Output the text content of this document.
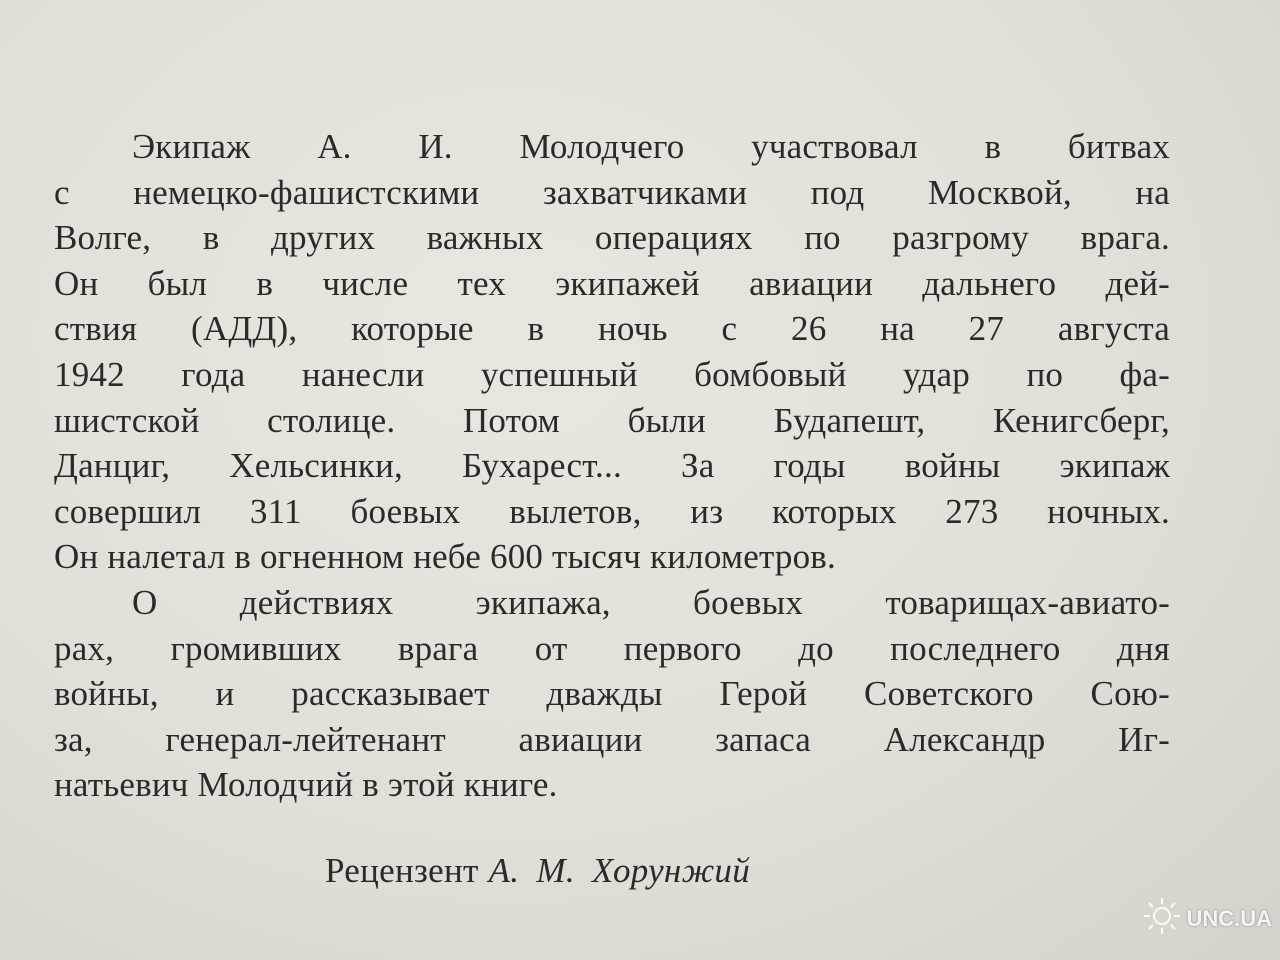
Экипаж А. И. Молодчего участвовал в битвах
с немецко-фашистскими захватчиками под Москвой, на
Волге, в других важных операциях по разгрому врага.
Он был в числе тех экипажей авиации дальнего дей-
ствия (АДД), которые в ночь с 26 на 27 августа
1942 года нанесли успешный бомбовый удар по фа-
шистской столице. Потом были Будапешт, Кенигсберг,
Данциг, Хельсинки, Бухарест... За годы войны экипаж
совершил 311 боевых вылетов, из которых 273 ночных.
Он налетал в огненном небе 600 тысяч километров.
О действиях экипажа, боевых товарищах-авиато-
рах, громивших врага от первого до последнего дня
войны, и рассказывает дважды Герой Советского Сою-
за, генерал-лейтенант авиации запаса Александр Иг-
натьевич Молодчий в этой книге.
Рецензент А. М. Хорунжий
UNC.UA
